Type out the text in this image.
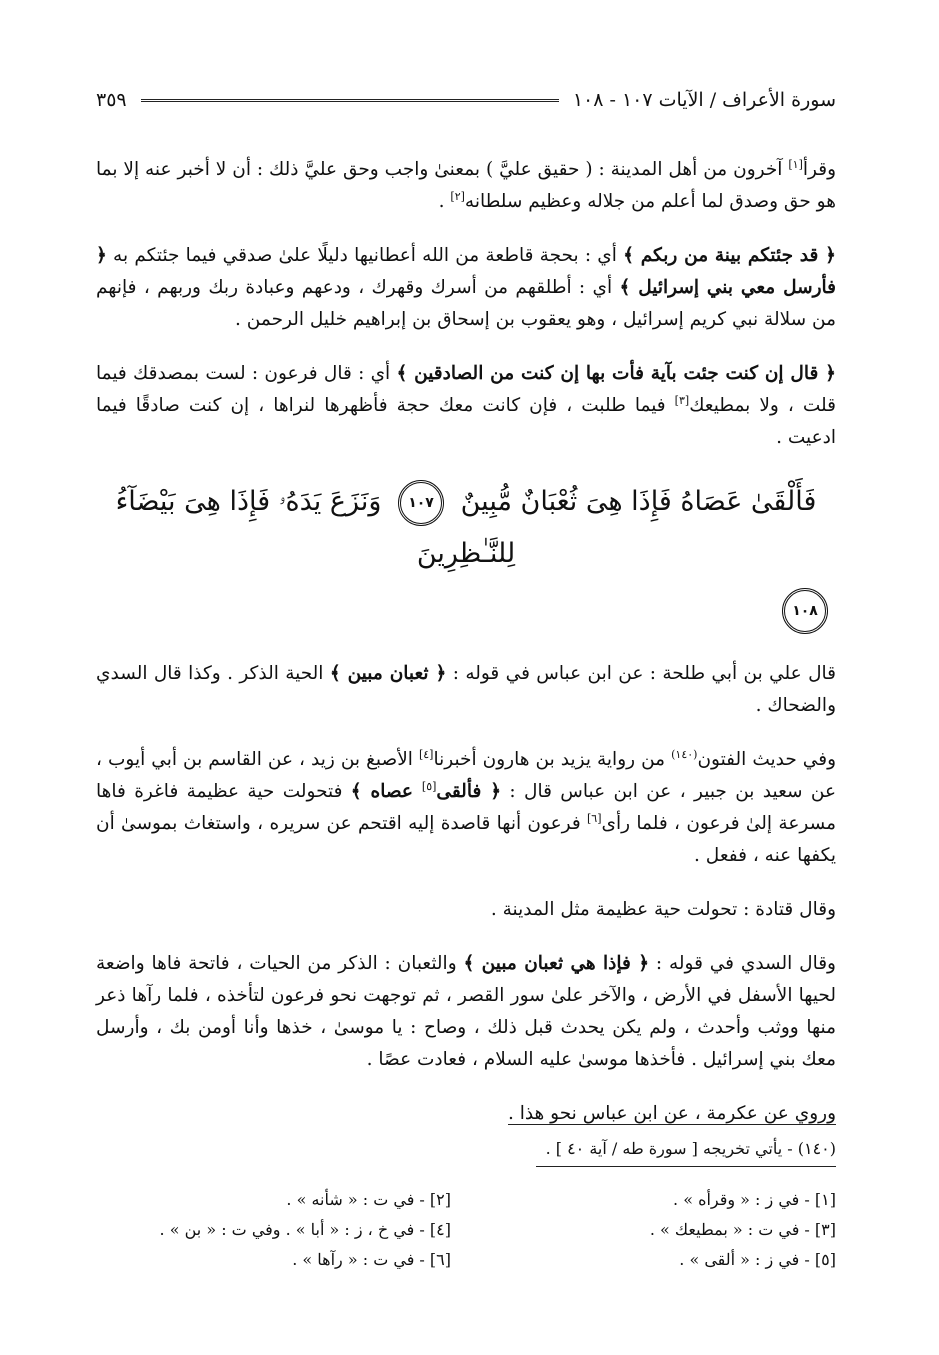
سورة الأعراف / الآيات ١٠٧ - ١٠٨
٣٥٩

وقرأ[١] آخرون من أهل المدينة : ( حقيق عليَّ ) بمعنىٰ واجب وحق عليَّ ذلك : أن لا أخبر عنه إلا بما هو حق وصدق لما أعلم من جلاله وعظيم سلطانه[٢] .

﴿ قد جئتكم بينة من ربكم ﴾ أي : بحجة قاطعة من الله أعطانيها دليلًا علىٰ صدقي فيما جئتكم به ﴿ فأرسل معي بني إسرائيل ﴾ أي : أطلقهم من أسرك وقهرك ، ودعهم وعبادة ربك وربهم ، فإنهم من سلالة نبي كريم إسرائيل ، وهو يعقوب بن إسحاق بن إبراهيم خليل الرحمن .

﴿ قال إن كنت جئت بآية فأت بها إن كنت من الصادقين ﴾ أي : قال فرعون : لست بمصدقك فيما قلت ، ولا بمطيعك[٣] فيما طلبت ، فإن كانت معك حجة فأظهرها لنراها ، إن كنت صادقًا فيما ادعيت .

فَأَلْقَىٰ عَصَاهُ فَإِذَا هِىَ ثُعْبَانٌ مُّبِينٌ ١٠٧ وَنَزَعَ يَدَهُۥ فَإِذَا هِىَ بَيْضَآءُ لِلنَّـٰظِرِينَ
١٠٨

قال علي بن أبي طلحة : عن ابن عباس في قوله : ﴿ ثعبان مبين ﴾ الحية الذكر . وكذا قال السدي والضحاك .

وفي حديث الفتون$^{(١٤٠)}$ من رواية يزيد بن هارون أخبرنا[٤] الأصبغ بن زيد ، عن القاسم بن أبي أيوب ، عن سعيد بن جبير ، عن ابن عباس قال : ﴿ فألقى[٥] عصاه ﴾ فتحولت حية عظيمة فاغرة فاها مسرعة إلىٰ فرعون ، فلما رأى[٦] فرعون أنها قاصدة إليه اقتحم عن سريره ، واستغاث بموسىٰ أن يكفها عنه ، ففعل .

وقال قتادة : تحولت حية عظيمة مثل المدينة .

وقال السدي في قوله : ﴿ فإذا هي ثعبان مبين ﴾ والثعبان : الذكر من الحيات ، فاتحة فاها واضعة لحيها الأسفل في الأرض ، والآخر علىٰ سور القصر ، ثم توجهت نحو فرعون لتأخذه ، فلما رآها ذعر منها ووثب وأحدث ، ولم يكن يحدث قبل ذلك ، وصاح : يا موسىٰ ، خذها وأنا أومن بك ، وأرسل معك بني إسرائيل . فأخذها موسىٰ عليه السلام ، فعادت عصًا .

وروي عن عكرمة ، عن ابن عباس نحو هذا .

(١٤٠) - يأتي تخريجه [ سورة طه / آية ٤٠ ] .
[١] - في ز : « وقرأه » .
[٢] - في ت : « شأنه » .
[٣] - في ت : « بمطيعك » .
[٤] - في خ ، ز : « أبا » . وفي ت : « بن » .
[٥] - في ز : « ألقى » .
[٦] - في ت : « رآها » .
